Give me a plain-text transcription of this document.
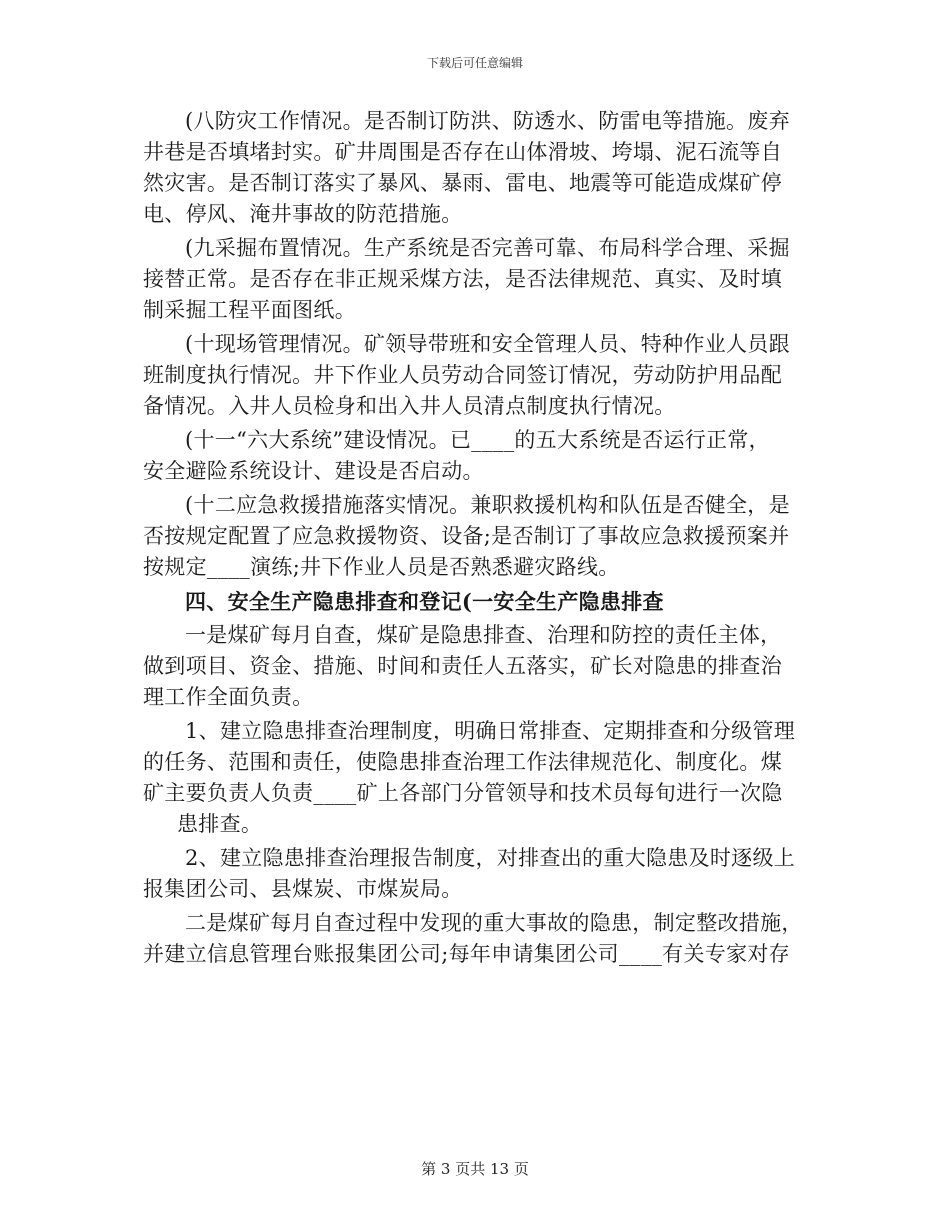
下载后可任意编辑
(八防灾工作情况。是否制订防洪、防透水、防雷电等措施。废弃
井巷是否填堵封实。矿井周围是否存在山体滑坡、垮塌、泥石流等自
然灾害。是否制订落实了暴风、暴雨、雷电、地震等可能造成煤矿停
电、停风、淹井事故的防范措施。
(九采掘布置情况。生产系统是否完善可靠、布局科学合理、采掘
接替正常。是否存在非正规采煤方法，是否法律规范、真实、及时填
制采掘工程平面图纸。
(十现场管理情况。矿领导带班和安全管理人员、特种作业人员跟
班制度执行情况。井下作业人员劳动合同签订情况，劳动防护用品配
备情况。入井人员检身和出入井人员清点制度执行情况。
(十一“六大系统”建设情况。已____的五大系统是否运行正常，
安全避险系统设计、建设是否启动。
(十二应急救援措施落实情况。兼职救援机构和队伍是否健全，是
否按规定配置了应急救援物资、设备;是否制订了事故应急救援预案并
按规定____演练;井下作业人员是否熟悉避灾路线。
四、安全生产隐患排查和登记(一安全生产隐患排查
一是煤矿每月自查，煤矿是隐患排查、治理和防控的责任主体，
做到项目、资金、措施、时间和责任人五落实，矿长对隐患的排查治
理工作全面负责。
1、建立隐患排查治理制度，明确日常排查、定期排查和分级管理
的任务、范围和责任，使隐患排查治理工作法律规范化、制度化。煤
矿主要负责人负责____矿上各部门分管领导和技术员每旬进行一次隐
患排查。
2、建立隐患排查治理报告制度，对排查出的重大隐患及时逐级上
报集团公司、县煤炭、市煤炭局。
二是煤矿每月自查过程中发现的重大事故的隐患，制定整改措施，
并建立信息管理台账报集团公司;每年申请集团公司____有关专家对存
第 3 页共 13 页
